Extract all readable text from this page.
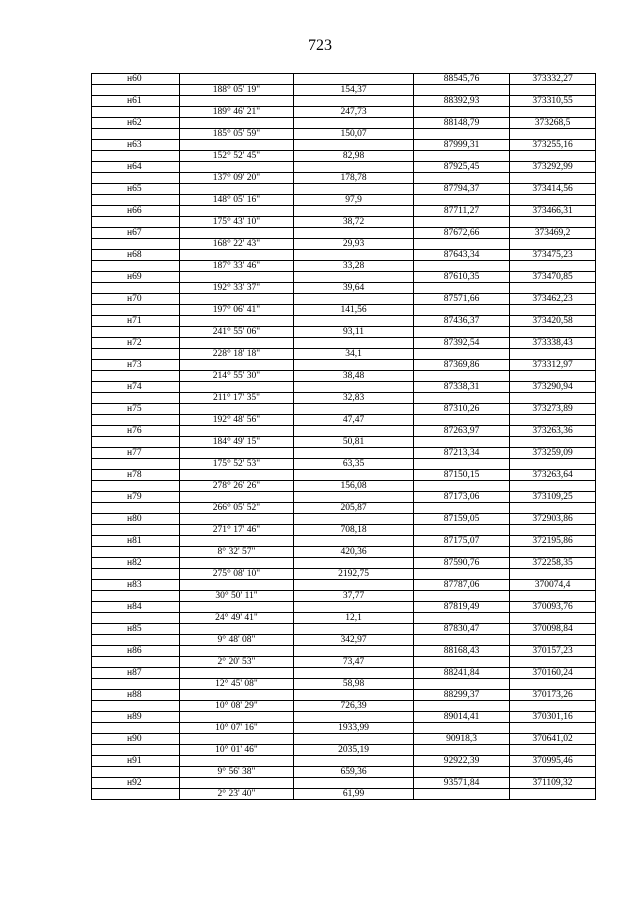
723
н60			88545,76	373332,27
	188° 05' 19"	154,37		
н61			88392,93	373310,55
	189° 46' 21"	247,73		
н62			88148,79	373268,5
	185° 05' 59"	150,07		
н63			87999,31	373255,16
	152° 52' 45"	82,98		
н64			87925,45	373292,99
	137° 09' 20"	178,78		
н65			87794,37	373414,56
	148° 05' 16"	97,9		
н66			87711,27	373466,31
	175° 43' 10"	38,72		
н67			87672,66	373469,2
	168° 22' 43"	29,93		
н68			87643,34	373475,23
	187° 33' 46"	33,28		
н69			87610,35	373470,85
	192° 33' 37"	39,64		
н70			87571,66	373462,23
	197° 06' 41"	141,56		
н71			87436,37	373420,58
	241° 55' 06"	93,11		
н72			87392,54	373338,43
	228° 18' 18"	34,1		
н73			87369,86	373312,97
	214° 55' 30"	38,48		
н74			87338,31	373290,94
	211° 17' 35"	32,83		
н75			87310,26	373273,89
	192° 48' 56"	47,47		
н76			87263,97	373263,36
	184° 49' 15"	50,81		
н77			87213,34	373259,09
	175° 52' 53"	63,35		
н78			87150,15	373263,64
	278° 26' 26"	156,08		
н79			87173,06	373109,25
	266° 05' 52"	205,87		
н80			87159,05	372903,86
	271° 17' 46"	708,18		
н81			87175,07	372195,86
	8° 32' 57"	420,36		
н82			87590,76	372258,35
	275° 08' 10"	2192,75		
н83			87787,06	370074,4
	30° 50' 11"	37,77		
н84			87819,49	370093,76
	24° 49' 41"	12,1		
н85			87830,47	370098,84
	9° 48' 08"	342,97		
н86			88168,43	370157,23
	2° 20' 53"	73,47		
н87			88241,84	370160,24
	12° 45' 08"	58,98		
н88			88299,37	370173,26
	10° 08' 29"	726,39		
н89			89014,41	370301,16
	10° 07' 16"	1933,99		
н90			90918,3	370641,02
	10° 01' 46"	2035,19		
н91			92922,39	370995,46
	9° 56' 38"	659,36		
н92			93571,84	371109,32
	2° 23' 40"	61,99		
